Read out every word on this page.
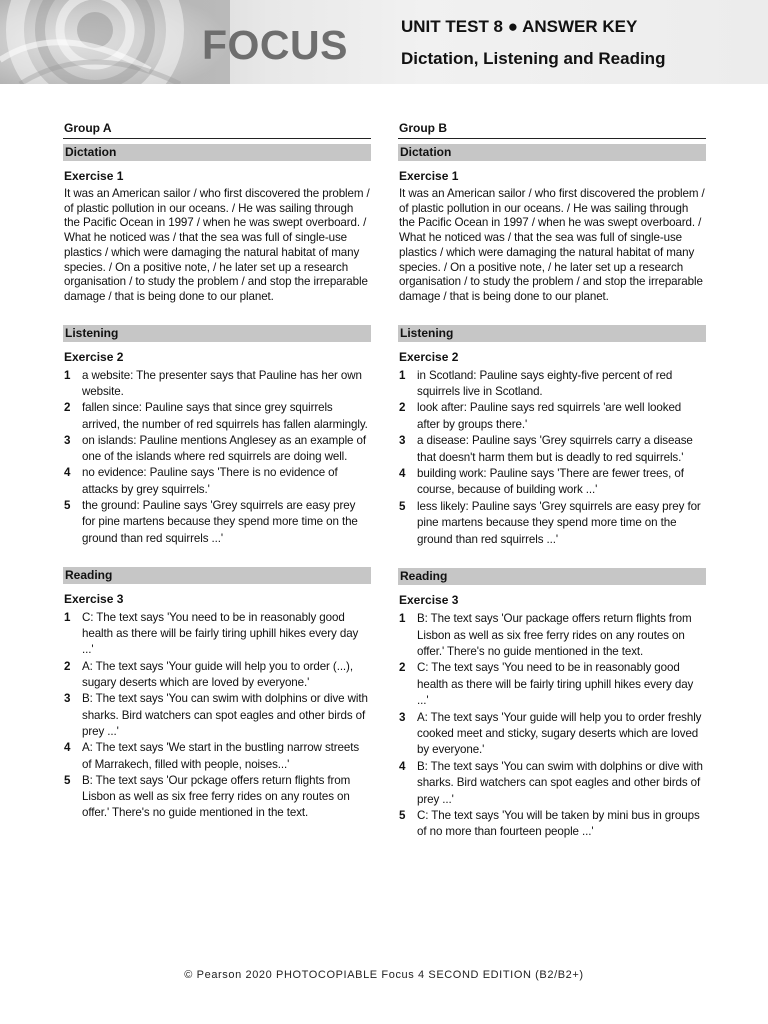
FOCUS	UNIT TEST 8 ● ANSWER KEY
Dictation, Listening and Reading
Group A
Dictation
Exercise 1

It was an American sailor / who first discovered the problem / of plastic pollution in our oceans. / He was sailing through the Pacific Ocean in 1997 / when he was swept overboard. / What he noticed was / that the sea was full of single-use plastics / which were damaging the natural habitat of many species. / On a positive note, / he later set up a research organisation / to study the problem / and stop the irreparable damage / that is being done to our planet.

Listening
Exercise 2
1 a website: The presenter says that Pauline has her own website.
2 fallen since: Pauline says that since grey squirrels arrived, the number of red squirrels has fallen alarmingly.
3 on islands: Pauline mentions Anglesey as an example of one of the islands where red squirrels are doing well.
4 no evidence: Pauline says 'There is no evidence of attacks by grey squirrels.'
5 the ground: Pauline says 'Grey squirrels are easy prey for pine martens because they spend more time on the ground than red squirrels ...'
Reading
Exercise 3
1 C: The text says 'You need to be in reasonably good health as there will be fairly tiring uphill hikes every day ...'
2 A: The text says 'Your guide will help you to order (...), sugary deserts which are loved by everyone.'
3 B: The text says 'You can swim with dolphins or dive with sharks. Bird watchers can spot eagles and other birds of prey ...'
4 A: The text says 'We start in the bustling narrow streets of Marrakech, filled with people, noises...'
5 B: The text says 'Our pckage offers return flights from Lisbon as well as six free ferry rides on any routes on offer.' There's no guide mentioned in the text.
Group B
Dictation
Exercise 1

It was an American sailor / who first discovered the problem / of plastic pollution in our oceans. / He was sailing through the Pacific Ocean in 1997 / when he was swept overboard. / What he noticed was / that the sea was full of single-use plastics / which were damaging the natural habitat of many species. / On a positive note, / he later set up a research organisation / to study the problem / and stop the irreparable damage / that is being done to our planet.

Listening
Exercise 2
1 in Scotland: Pauline says eighty-five percent of red squirrels live in Scotland.
2 look after: Pauline says red squirrels 'are well looked after by groups there.'
3 a disease: Pauline says 'Grey squirrels carry a disease that doesn't harm them but is deadly to red squirrels.'
4 building work: Pauline says 'There are fewer trees, of course, because of building work ...'
5 less likely: Pauline says 'Grey squirrels are easy prey for pine martens because they spend more time on the ground than red squirrels ...'
Reading
Exercise 3
1 B: The text says 'Our package offers return flights from Lisbon as well as six free ferry rides on any routes on offer.' There's no guide mentioned in the text.
2 C: The text says 'You need to be in reasonably good health as there will be fairly tiring uphill hikes every day ...'
3 A: The text says 'Your guide will help you to order freshly cooked meet and sticky, sugary deserts which are loved by everyone.'
4 B: The text says 'You can swim with dolphins or dive with sharks. Bird watchers can spot eagles and other birds of prey ...'
5 C: The text says 'You will be taken by mini bus in groups of no more than fourteen people ...'
© Pearson 2020 PHOTOCOPIABLE Focus 4 SECOND EDITION (B2/B2+)
